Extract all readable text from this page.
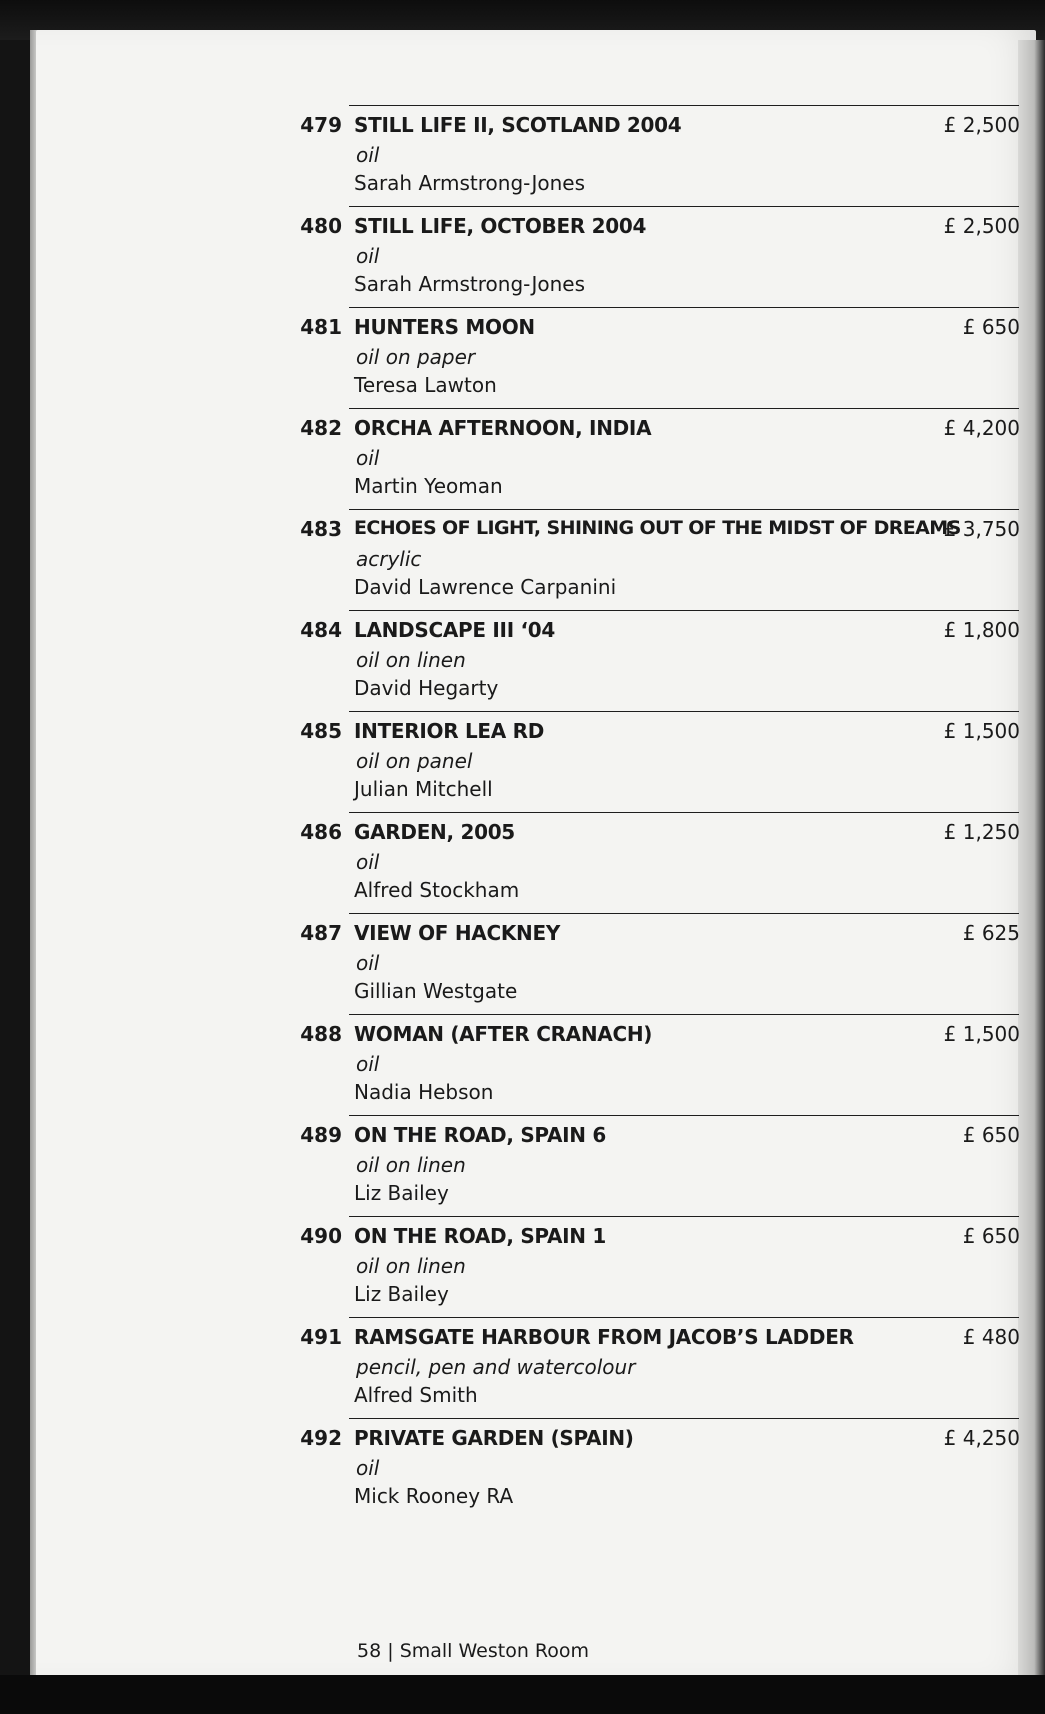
479 STILL LIFE II, SCOTLAND 2004
oil
Sarah Armstrong-Jones
£ 2,500
480 STILL LIFE, OCTOBER 2004
oil
Sarah Armstrong-Jones
£ 2,500
481 HUNTERS MOON
oil on paper
Teresa Lawton
£ 650
482 ORCHA AFTERNOON, INDIA
oil
Martin Yeoman
£ 4,200
483 ECHOES OF LIGHT, SHINING OUT OF THE MIDST OF DREAMS
acrylic
David Lawrence Carpanini
£ 3,750
484 LANDSCAPE III ‘04
oil on linen
David Hegarty
£ 1,800
485 INTERIOR LEA RD
oil on panel
Julian Mitchell
£ 1,500
486 GARDEN, 2005
oil
Alfred Stockham
£ 1,250
487 VIEW OF HACKNEY
oil
Gillian Westgate
£ 625
488 WOMAN (AFTER CRANACH)
oil
Nadia Hebson
£ 1,500
489 ON THE ROAD, SPAIN 6
oil on linen
Liz Bailey
£ 650
490 ON THE ROAD, SPAIN 1
oil on linen
Liz Bailey
£ 650
491 RAMSGATE HARBOUR FROM JACOB’S LADDER
pencil, pen and watercolour
Alfred Smith
£ 480
492 PRIVATE GARDEN (SPAIN)
oil
Mick Rooney RA
£ 4,250
58 | Small Weston Room
